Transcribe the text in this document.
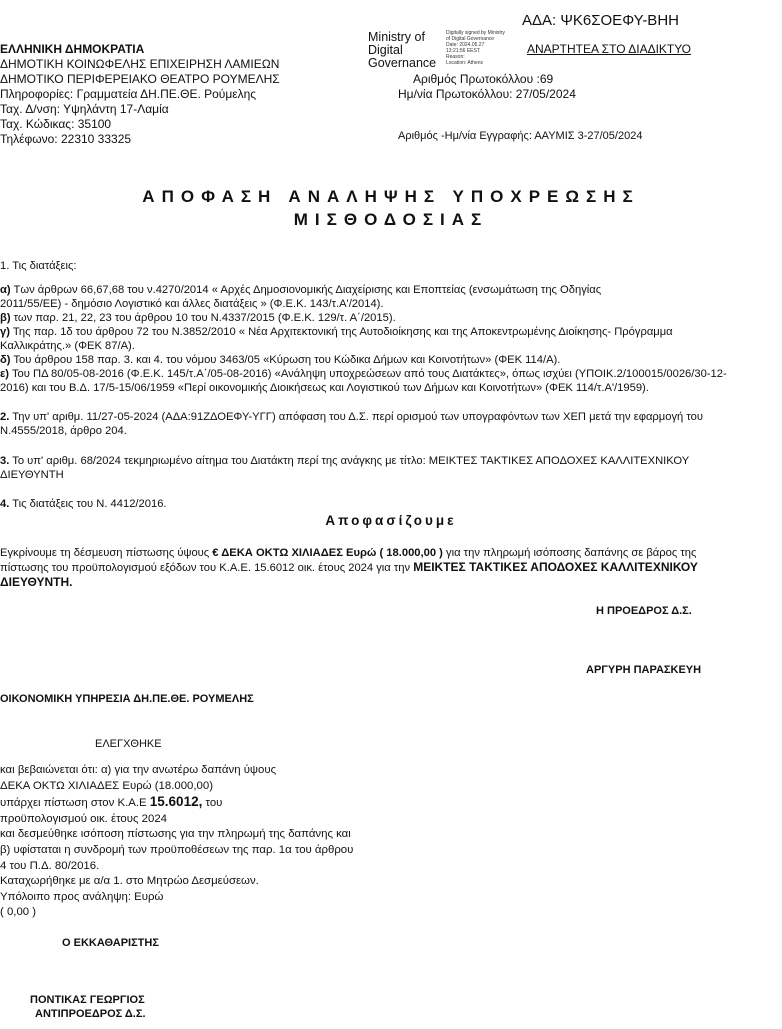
ΑΔΑ: ΨΚ6ΣΟΕΦΥ-ΒΗΗ
ΕΛΛΗΝΙΚΗ ΔΗΜΟΚΡΑΤΙΑ
ΔΗΜΟΤΙΚΗ ΚΟΙΝΩΦΕΛΗΣ ΕΠΙΧΕΙΡΗΣΗ ΛΑΜΙΕΩΝ
ΔΗΜΟΤΙΚΟ ΠΕΡΙΦΕΡΕΙΑΚΟ ΘΕΑΤΡΟ ΡΟΥΜΕΛΗΣ
Πληροφορίες: Γραμματεία ΔΗ.ΠΕ.ΘΕ. Ρούμελης
Ταχ. Δ/νση: Υψηλάντη 17-Λαμία
Ταχ. Κώδικας: 35100
Τηλέφωνο: 22310 33325
Ministry of
Digital
Governance
Digitally signed by Ministry
of Digital Governance
Date: 2024.05.27
13:21:56 EEST
Reason:
Location: Athens
ΑΝΑΡΤΗΤΕΑ ΣΤΟ ΔΙΑΔΙΚΤΥΟ
Αριθμός Πρωτοκόλλου :69
Ημ/νία Πρωτοκόλλου: 27/05/2024
Αριθμός -Ημ/νία Εγγραφής: ΑΑΥΜΙΣ 3-27/05/2024
ΑΠΟΦΑΣΗ ΑΝΑΛΗΨΗΣ ΥΠΟΧΡΕΩΣΗΣ
ΜΙΣΘΟΔΟΣΙΑΣ
1. Τις διατάξεις:
α) Των άρθρων 66,67,68 του ν.4270/2014 « Αρχές Δημοσιονομικής Διαχείρισης και Εποπτείας (ενσωμάτωση της Οδηγίας
2011/55/ΕΕ) - δημόσιο Λογιστικό και άλλες διατάξεις » (Φ.Ε.Κ. 143/τ.Α'/2014).
β) των παρ. 21, 22, 23 του άρθρου 10 του Ν.4337/2015 (Φ.Ε.Κ. 129/τ. Α΄/2015).
γ) Της παρ. 1δ του άρθρου 72 του Ν.3852/2010 « Νέα Αρχιτεκτονική της Αυτοδιοίκησης και της Αποκεντρωμένης Διοίκησης- Πρόγραμμα
Καλλικράτης.» (ΦΕΚ 87/Α).
δ) Του άρθρου 158 παρ. 3. και 4. του νόμου 3463/05 «Κύρωση του Κώδικα Δήμων και Κοινοτήτων» (ΦΕΚ 114/Α).
ε) Του ΠΔ 80/05-08-2016 (Φ.Ε.Κ. 145/τ.Α΄/05-08-2016) «Ανάληψη υποχρεώσεων από τους Διατάκτες», όπως ισχύει (ΥΠΟΙΚ.2/100015/0026/30-12-
2016) και του Β.Δ. 17/5-15/06/1959 «Περί οικονομικής Διοικήσεως και Λογιστικού των Δήμων και Κοινοτήτων» (ΦΕΚ 114/τ.Α'/1959).
2. Την υπ' αριθμ. 11/27-05-2024 (ΑΔΑ:91ΖΔΟΕΦΥ-ΥΓΓ) απόφαση του Δ.Σ. περί ορισμού των υπογραφόντων των ΧΕΠ μετά την εφαρμογή του
Ν.4555/2018, άρθρο 204.
3. Το υπ' αριθμ. 68/2024 τεκμηριωμένο αίτημα του Διατάκτη περί της ανάγκης με τίτλο: ΜΕΙΚΤΕΣ ΤΑΚΤΙΚΕΣ ΑΠΟΔΟΧΕΣ ΚΑΛΛΙΤΕΧΝΙΚΟΥ
ΔΙΕΥΘΥΝΤΗ
4. Τις διατάξεις του Ν. 4412/2016.
Αποφασίζουμε
Εγκρίνουμε τη δέσμευση πίστωσης ύψους € ΔΕΚΑ ΟΚΤΩ ΧΙΛΙΑΔΕΣ Ευρώ ( 18.000,00 ) για την πληρωμή ισόποσης δαπάνης σε βάρος της
πίστωσης του προϋπολογισμού εξόδων του Κ.Α.Ε. 15.6012 οικ. έτους 2024 για την ΜΕΙΚΤΕΣ ΤΑΚΤΙΚΕΣ ΑΠΟΔΟΧΕΣ ΚΑΛΛΙΤΕΧΝΙΚΟΥ
ΔΙΕΥΘΥΝΤΗ.
Η ΠΡΟΕΔΡΟΣ Δ.Σ.
ΑΡΓΥΡΗ ΠΑΡΑΣΚΕΥΗ
ΟΙΚΟΝΟΜΙΚΗ ΥΠΗΡΕΣΙΑ ΔΗ.ΠΕ.ΘΕ. ΡΟΥΜΕΛΗΣ
ΕΛΕΓΧΘΗΚΕ
και βεβαιώνεται ότι: α) για την ανωτέρω δαπάνη ύψους
ΔΕΚΑ ΟΚΤΩ ΧΙΛΙΑΔΕΣ Ευρώ (18.000,00)
υπάρχει πίστωση στον Κ.Α.Ε 15.6012, του
προϋπολογισμού οικ. έτους 2024
και δεσμεύθηκε ισόποση πίστωσης για την πληρωμή της δαπάνης και
β) υφίσταται η συνδρομή των προϋποθέσεων της παρ. 1α του άρθρου
4 του Π.Δ. 80/2016.
Καταχωρήθηκε με α/α 1. στο Μητρώο Δεσμεύσεων.
Υπόλοιπο προς ανάληψη: Ευρώ
( 0,00 )
Ο ΕΚΚΑΘΑΡΙΣΤΗΣ
ΠΟΝΤΙΚΑΣ ΓΕΩΡΓΙΟΣ
ΑΝΤΙΠΡΟΕΔΡΟΣ Δ.Σ.
